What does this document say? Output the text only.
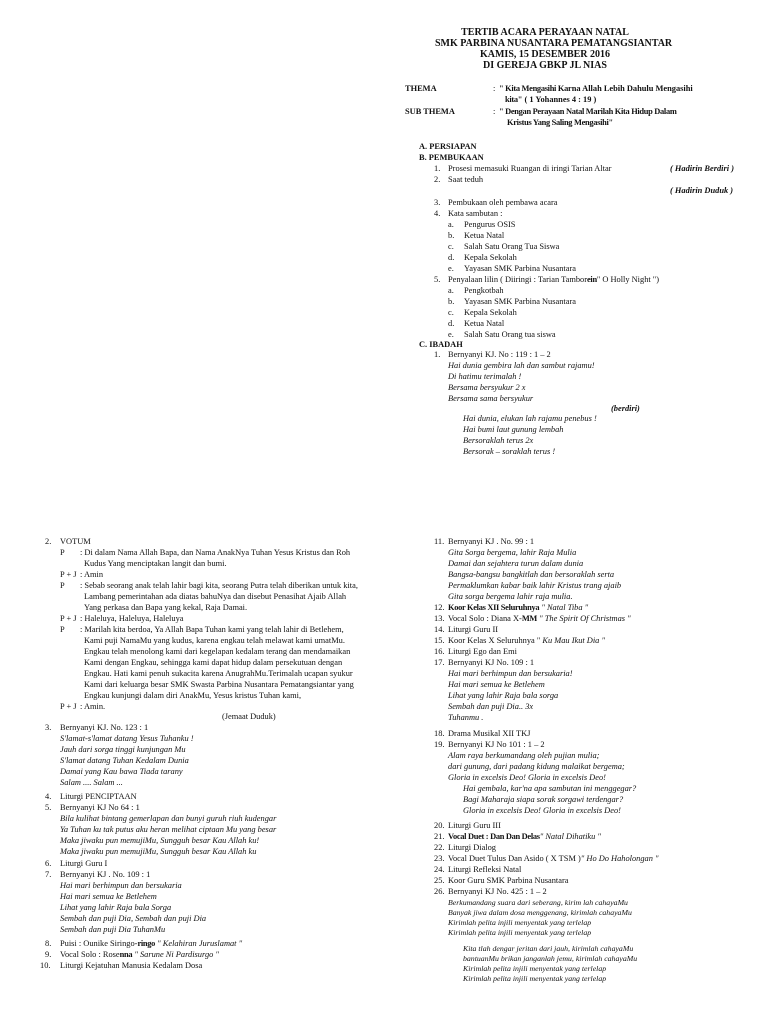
TERTIB ACARA PERAYAAN NATAL
SMK PARBINA NUSANTARA PEMATANGSIANTAR
KAMIS, 15 DESEMBER 2016
DI GEREJA GBKP JL NIAS
THEMA	: " Kita Mengasihi Karna Allah Lebih Dahulu Mengasihi
kita" ( 1 Yohannes 4 : 19 )
SUB THEMA	: " Dengan Perayaan Natal Marilah Kita Hidup Dalam
Kristus Yang Saling Mengasihi"
A. PERSIAPAN
B. PEMBUKAAN
1. Prosesi memasuki Ruangan di iringi Tarian Altar	( Hadirin Berdiri )
2. Saat teduh
( Hadirin Duduk )
3. Pembukaan oleh pembawa acara
4. Kata sambutan :
a. Pengurus OSIS
b. Ketua Natal
c. Salah Satu Orang Tua Siswa
d. Kepala Sekolah
e. Yayasan SMK Parbina Nusantara
5. Penyalaan lilin ( Diiringi : Tarian Tamborein" O Holly Night ")
a. Pengkotbah
b. Yayasan SMK Parbina Nusantara
c. Kepala Sekolah
d. Ketua Natal
e. Salah Satu Orang tua siswa
C. IBADAH
1. Bernyanyi KJ. No : 119 : 1 – 2
Hai dunia gembira lah dan sambut rajamu!
Di hatimu terimalah !
Bersama bersyukur 2 x
Bersama sama bersyukur
(berdiri)
Hai dunia, elukan lah rajamu penebus !
Hai bumi laut gunung lembah
Bersoraklah terus 2x
Bersorak – soraklah terus !
2. VOTUM
P : Di dalam Nama Allah Bapa, dan Nama AnakNya Tuhan Yesus Kristus dan Roh
Kudus Yang menciptakan langit dan bumi.
P + J : Amin
P : Sebab seorang anak telah lahir bagi kita, seorang Putra telah diberikan untuk kita,
Lambang pemerintahan ada diatas bahuNya dan disebut Penasihat Ajaib Allah
Yang perkasa dan Bapa yang kekal, Raja Damai.
P + J : Haleluya, Haleluya, Haleluya
P : Marilah kita berdoa, Ya Allah Bapa Tuhan kami yang telah lahir di Betlehem,
Kami puji NamaMu yang kudus, karena engkau telah melawat kami umatMu.
Engkau telah menolong kami dari kegelapan kedalam terang dan mendamaikan
Kami dengan Engkau, sehingga kami dapat hidup dalam persekutuan dengan
Engkau. Hati kami penuh sukacita karena AnugrahMu.Terimalah ucapan syukur
Kami dari keluarga besar SMK Swasta Parbina Nusantara Pematangsiantar yang
Engkau kunjungi dalam diri AnakMu, Yesus kristus Tuhan kami,
P + J : Amin.
(Jemaat Duduk)
3. Bernyanyi KJ. No. 123 : 1
S'lamat-s'lamat datang Yesus Tuhanku !
Jauh dari sorga tinggi kunjungan Mu
S'lamat datang Tuhan Kedalam Dunia
Damai yang Kau bawa Tiada tarany
Salam .... Salam ...
4. Liturgi PENCIPTAAN
5. Bernyanyi KJ No 64 : 1
Bila kulihat bintang gemerlapan dan bunyi guruh riuh kudengar
Ya Tuhan ku tak putus aku heran melihat ciptaan Mu yang besar
Maka jiwaku pun memujiMu, Sungguh besar Kau Allah ku!
Maka jiwaku pun memujiMu, Sungguh besar Kau Allah ku
6. Liturgi Guru I
7. Bernyanyi KJ . No. 109 : 1
Hai mari berhimpun dan bersukaria
Hai mari semua ke Betlehem
Lihat yang lahir Raja bala Sorga
Sembah dan puji Dia, Sembah dan puji Dia
Sembah dan puji Dia TuhanMu
8. Puisi : Ounike Siringo-ringo " Kelahiran Juruslamat "
9. Vocal Solo : Rosenna " Sarune Ni Pardisurgo "
10. Liturgi Kejatuhan Manusia Kedalam Dosa
11. Bernyanyi KJ . No. 99 : 1
Gita Sorga bergema, lahir Raja Mulia
Damai dan sejahtera turun dalam dunia
Bangsa-bangsu bangkitlah dan bersoraklah serta
Permaklumkan kabar baik lahir Kristus trang ajaib
Gita sorga bergema lahir raja mulia.
12. Koor Kelas XII Seluruhnya " Natal Tiba "
13. Vocal Solo : Diana X-MM " The Spirit Of Christmas "
14. Liturgi Guru II
15. Koor Kelas X Seluruhnya " Ku Mau Ikut Dia "
16. Liturgi Ego dan Emi
17. Bernyanyi KJ No. 109 : 1
Hai mari berhimpun dan bersukaria!
Hai mari semua ke Betlehem
Lihat yang lahir Raja bala sorga
Sembah dan puji Dia.. 3x
Tuhanmu .
18. Drama Musikal XII TKJ
19. Bernyanyi KJ No 101 : 1 – 2
Alam raya berkumandang oleh pujian mulia;
dari gunung, dari padang kidung malaikat bergema;
Gloria in excelsis Deo! Gloria in excelsis Deo!
Hai gembala, kar'na apa sambutan ini menggegar?
Bagi Maharaja siapa sorak sorgawi terdengar?
Gloria in excelsis Deo! Gloria in excelsis Deo!
20. Liturgi Guru III
21. Vocal Duet : Dan Dan Delas" Natal Dihatiku "
22. Liturgi Dialog
23. Vocal Duet Tulus Dan Asido ( X TSM )" Ho Do Haholongan "
24. Liturgi Refleksi Natal
25. Koor Guru SMK Parbina Nusantara
26. Bernyanyi KJ No. 425 : 1 – 2
Berkumandang suara dari seberang, kirim lah cahayaMu
Banyak jiwa dalam dosa menggenang, kirimlah cahayaMu
Kirimlah pelita injili menyentak yang terlelap
Kirimlah pelita injili menyentak yang terlelap
Kita tlah dengar jeritan dari jauh, kirimlah cahayaMu
bantuanMu brikan janganlah jemu, kirimlah cahayaMu
Kirimlah pelita injili menyentak yang terlelap
Kirimlah pelita injili menyentak yang terlelap
